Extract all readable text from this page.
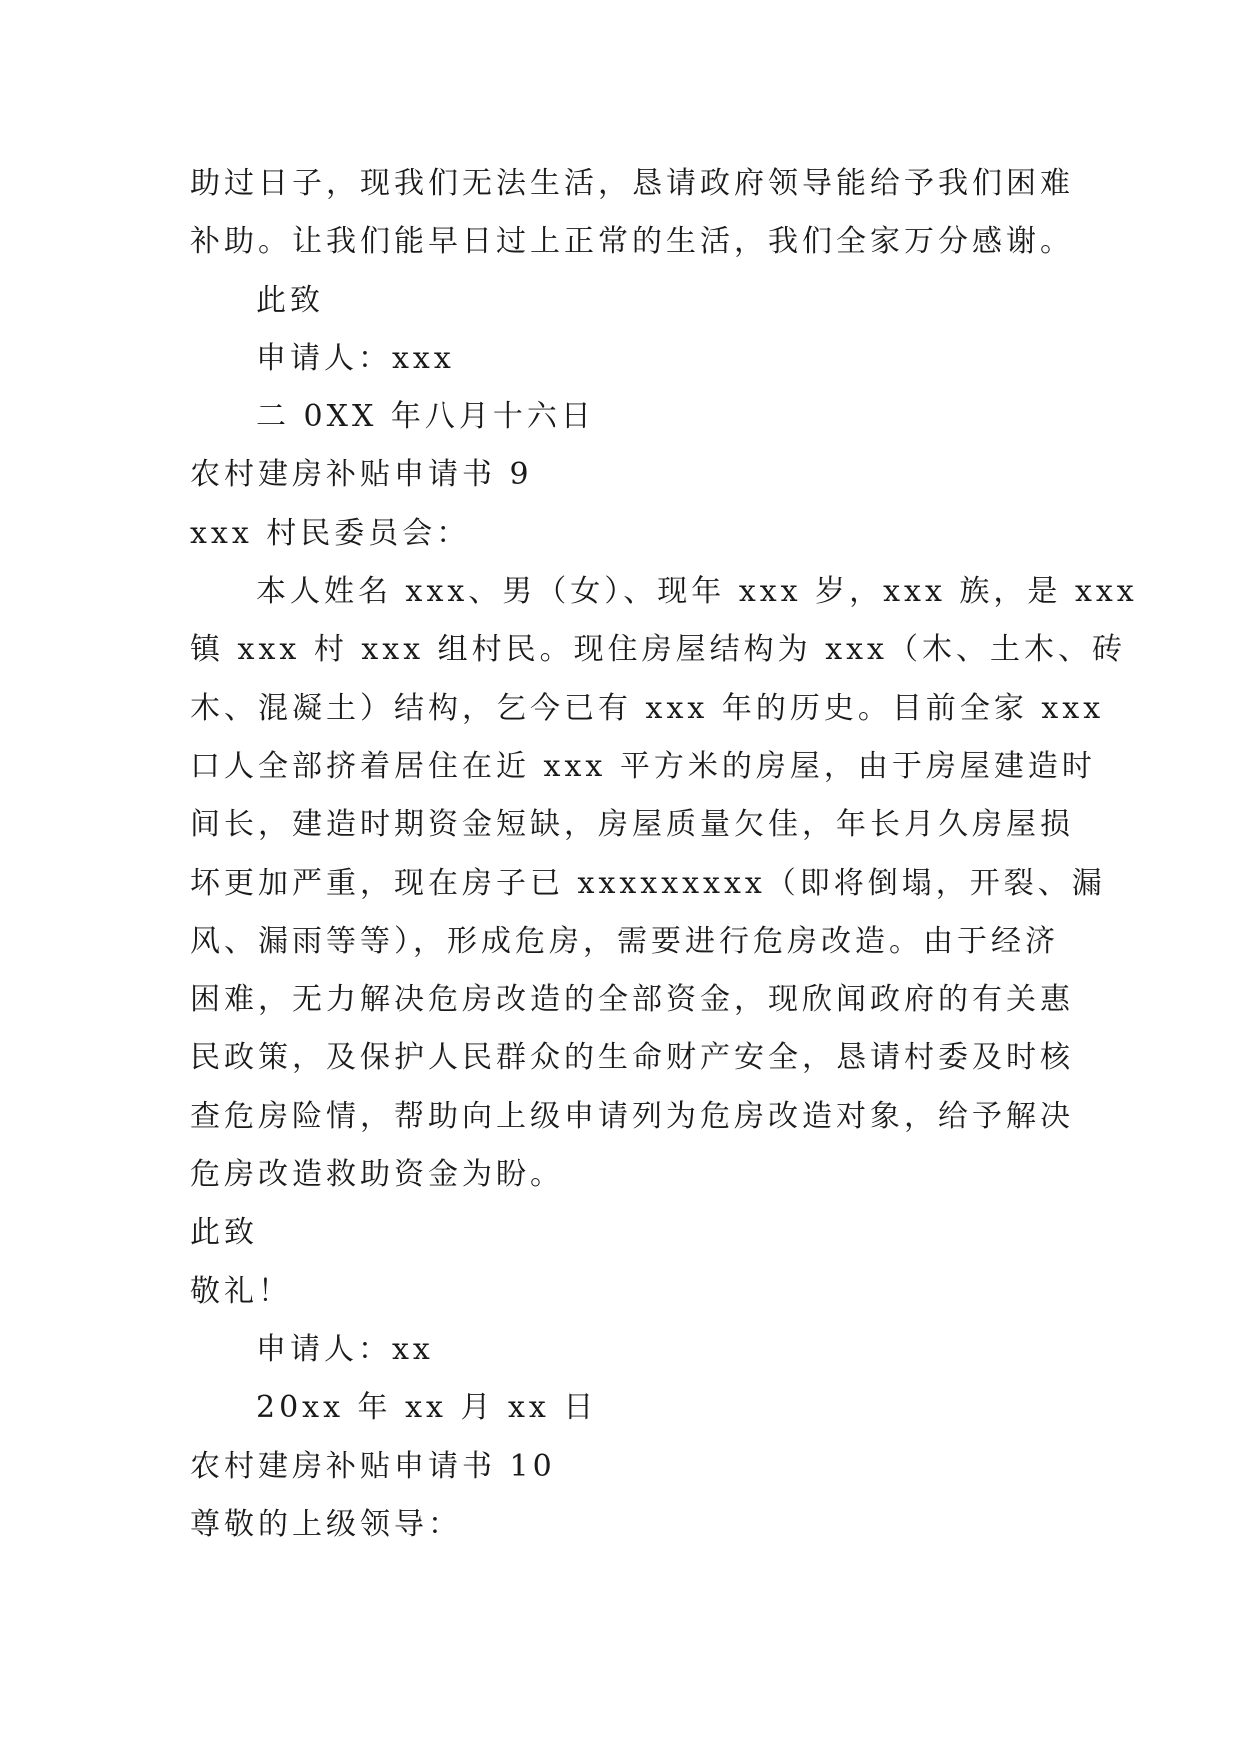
助过日子，现我们无法生活，恳请政府领导能给予我们困难
补助。让我们能早日过上正常的生活，我们全家万分感谢。
此致
申请人：xxx
二 0XX 年八月十六日
农村建房补贴申请书 9
xxx 村民委员会：
本人姓名 xxx、男（女）、现年 xxx 岁，xxx 族，是 xxx
镇 xxx 村 xxx 组村民。现住房屋结构为 xxx（木、土木、砖
木、混凝土）结构，乞今已有 xxx 年的历史。目前全家 xxx
口人全部挤着居住在近 xxx 平方米的房屋，由于房屋建造时
间长，建造时期资金短缺，房屋质量欠佳，年长月久房屋损
坏更加严重，现在房子已 xxxxxxxxx（即将倒塌，开裂、漏
风、漏雨等等），形成危房，需要进行危房改造。由于经济
困难，无力解决危房改造的全部资金，现欣闻政府的有关惠
民政策，及保护人民群众的生命财产安全，恳请村委及时核
查危房险情，帮助向上级申请列为危房改造对象，给予解决
危房改造救助资金为盼。
此致
敬礼！
申请人：xx
20xx 年 xx 月 xx 日
农村建房补贴申请书 10
尊敬的上级领导：
